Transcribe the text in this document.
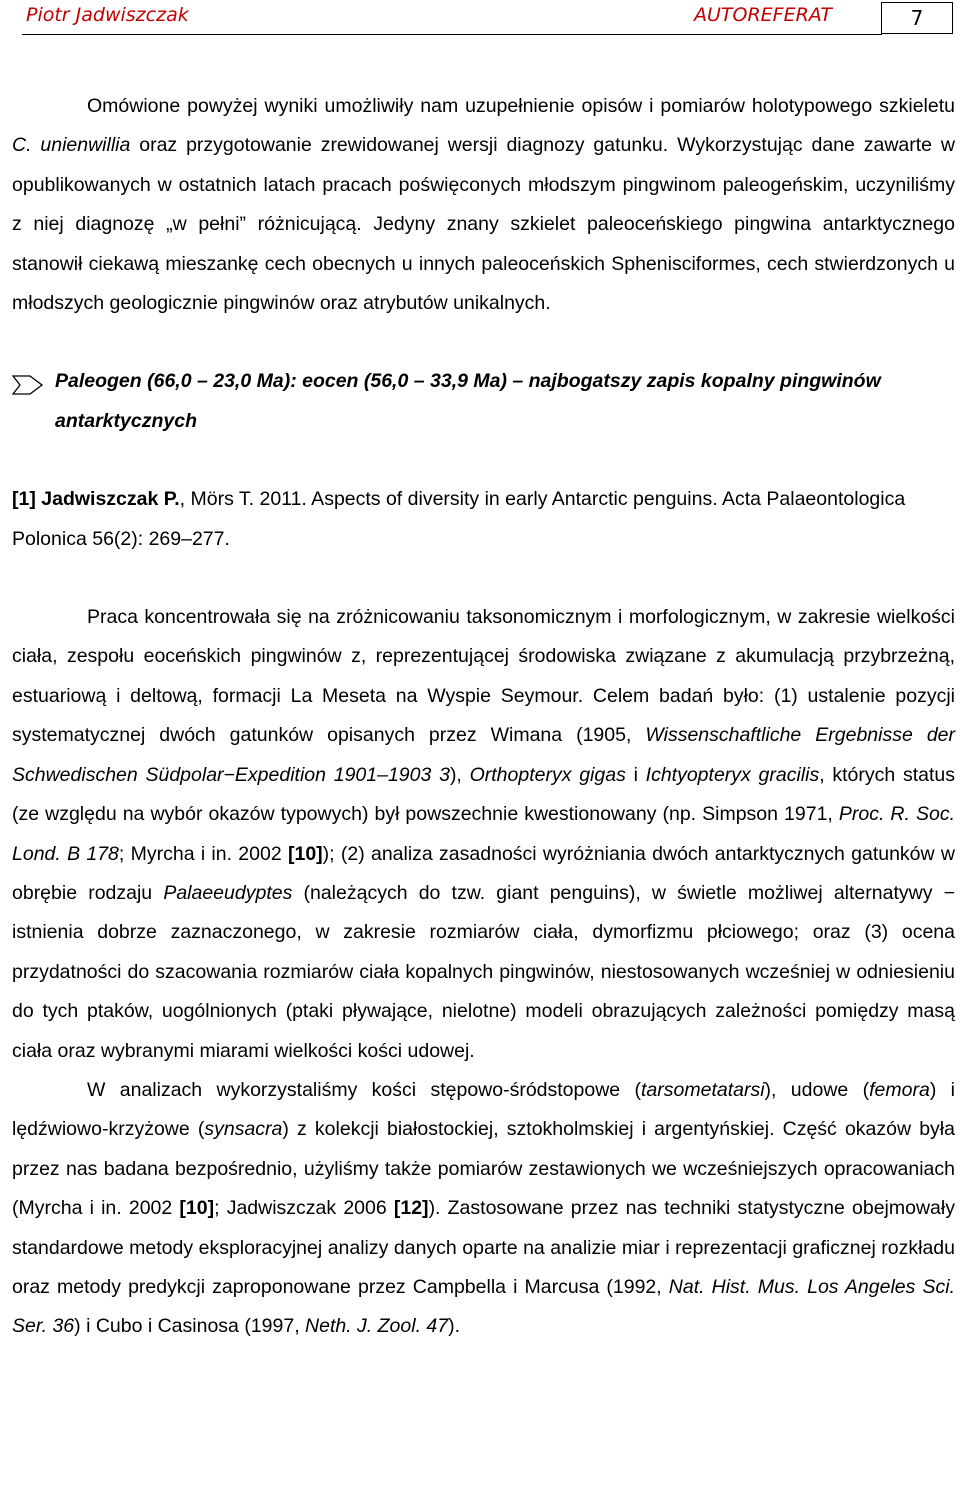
Piotr Jadwiszczak	AUTOREFERAT	7

Omówione powyżej wyniki umożliwiły nam uzupełnienie opisów i pomiarów holotypowego szkieletu C. unienwillia oraz przygotowanie zrewidowanej wersji diagnozy gatunku. Wykorzystując dane zawarte w opublikowanych w ostatnich latach pracach poświęconych młodszym pingwinom paleogeńskim, uczyniliśmy z niej diagnozę „w pełni” różnicującą. Jedyny znany szkielet paleoceńskiego pingwina antarktycznego stanowił ciekawą mieszankę cech obecnych u innych paleoceńskich Sphenisciformes, cech stwierdzonych u młodszych geologicznie pingwinów oraz atrybutów unikalnych.

Paleogen (66,0 – 23,0 Ma): eocen (56,0 – 33,9 Ma) – najbogatszy zapis kopalny pingwinów antarktycznych

[1] Jadwiszczak P., Mörs T. 2011. Aspects of diversity in early Antarctic penguins. Acta Palaeontologica Polonica 56(2): 269–277.

Praca koncentrowała się na zróżnicowaniu taksonomicznym i morfologicznym, w zakresie wielkości ciała, zespołu eoceńskich pingwinów z, reprezentującej środowiska związane z akumulacją przybrzeżną, estuariową i deltową, formacji La Meseta na Wyspie Seymour. Celem badań było: (1) ustalenie pozycji systematycznej dwóch gatunków opisanych przez Wimana (1905, Wissenschaftliche Ergebnisse der Schwedischen Südpolar−Expedition 1901–1903 3), Orthopteryx gigas i Ichtyopteryx gracilis, których status (ze względu na wybór okazów typowych) był powszechnie kwestionowany (np. Simpson 1971, Proc. R. Soc. Lond. B 178; Myrcha i in. 2002 [10]); (2) analiza zasadności wyróżniania dwóch antarktycznych gatunków w obrębie rodzaju Palaeeudyptes (należących do tzw. giant penguins), w świetle możliwej alternatywy − istnienia dobrze zaznaczonego, w zakresie rozmiarów ciała, dymorfizmu płciowego; oraz (3) ocena przydatności do szacowania rozmiarów ciała kopalnych pingwinów, niestosowanych wcześniej w odniesieniu do tych ptaków, uogólnionych (ptaki pływające, nielotne) modeli obrazujących zależności pomiędzy masą ciała oraz wybranymi miarami wielkości kości udowej.

W analizach wykorzystaliśmy kości stępowo-śródstopowe (tarsometatarsi), udowe (femora) i lędźwiowo-krzyżowe (synsacra) z kolekcji białostockiej, sztokholmskiej i argentyńskiej. Część okazów była przez nas badana bezpośrednio, użyliśmy także pomiarów zestawionych we wcześniejszych opracowaniach (Myrcha i in. 2002 [10]; Jadwiszczak 2006 [12]). Zastosowane przez nas techniki statystyczne obejmowały standardowe metody eksploracyjnej analizy danych oparte na analizie miar i reprezentacji graficznej rozkładu oraz metody predykcji zaproponowane przez Campbella i Marcusa (1992, Nat. Hist. Mus. Los Angeles Sci. Ser. 36) i Cubo i Casinosa (1997, Neth. J. Zool. 47).
